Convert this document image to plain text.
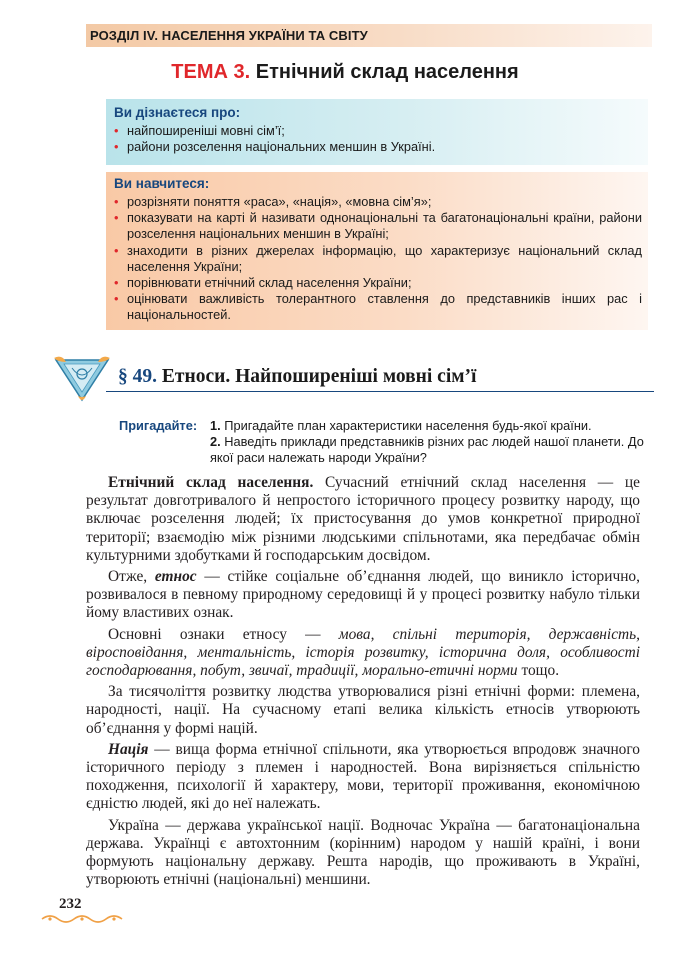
РОЗДІЛ IV. НАСЕЛЕННЯ УКРАЇНИ ТА СВІТУ
ТЕМА 3. Етнічний склад населення
Ви дізнаєтеся про:
• найпоширеніші мовні сім’ї;
• райони розселення національних меншин в Україні.
Ви навчитеся:
• розрізняти поняття «раса», «нація», «мовна сім’я»;
• показувати на карті й називати однонаціональні та багатонаціональні країни, райони розселення національних меншин в Україні;
• знаходити в різних джерелах інформацію, що характеризує національний склад населення України;
• порівнювати етнічний склад населення України;
• оцінювати важливість толерантного ставлення до представників інших рас і національностей.
§ 49. Етноси. Найпоширеніші мовні сім’ї
Пригадайте: 1. Пригадайте план характеристики населення будь-якої країни.
2. Наведіть приклади представників різних рас людей нашої планети. До якої раси належать народи України?

Етнічний склад населення. Сучасний етнічний склад населення — це результат довготривалого й непростого історичного процесу розвитку народу, що включає розселення людей; їх пристосування до умов конкретної природної території; взаємодію між різними людськими спільнотами, яка передбачає обмін культурними здобутками й господарським досвідом.

Отже, етнос — стійке соціальне об’єднання людей, що виникло історично, розвивалося в певному природному середовищі й у процесі розвитку набуло тільки йому властивих ознак.

Основні ознаки етносу — мова, спільні територія, державність, віросповідання, ментальність, історія розвитку, історична доля, особливості господарювання, побут, звичаї, традиції, морально-етичні норми тощо.

За тисячоліття розвитку людства утворювалися різні етнічні форми: племена, народності, нації. На сучасному етапі велика кількість етносів утворюють об’єднання у формі націй.

Нація — вища форма етнічної спільноти, яка утворюється впродовж значного історичного періоду з племен і народностей. Вона вирізняється спільністю походження, психології й характеру, мови, території проживання, економічною єдністю людей, які до неї належать.

Україна — держава української нації. Водночас Україна — багатонаціональна держава. Українці є автохтонним (корінним) народом у нашій країні, і вони формують національну державу. Решта народів, що проживають в Україні, утворюють етнічні (національні) меншини.

232
